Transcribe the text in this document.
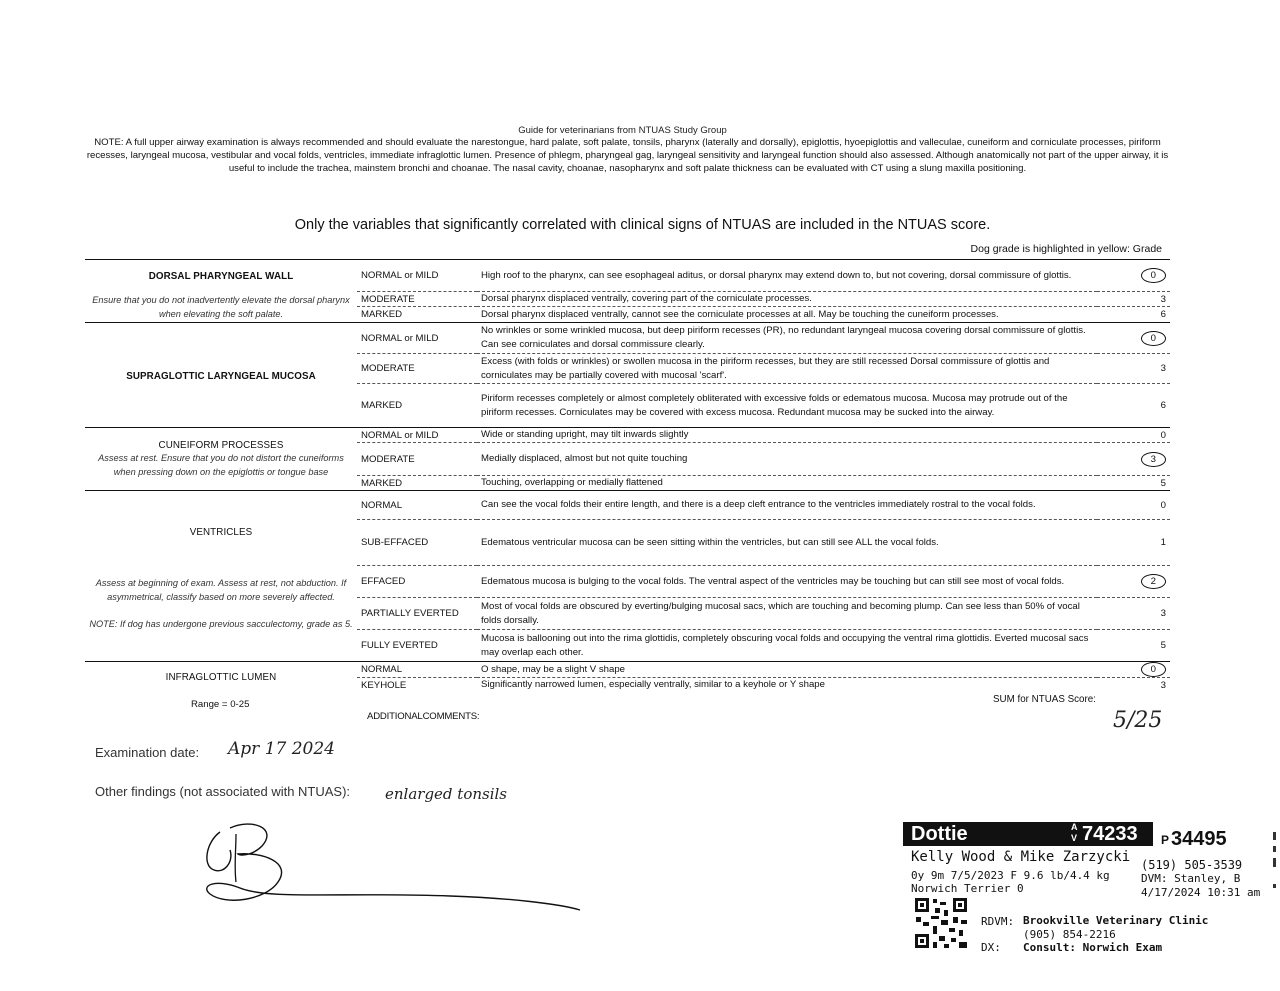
Guide for veterinarians from NTUAS Study Group
NOTE: A full upper airway examination is always recommended and should evaluate the narestongue, hard palate, soft palate, tonsils, pharynx (laterally and dorsally), epiglottis, hyoepiglottis and valleculae, cuneiform and corniculate processes, piriform recesses, laryngeal mucosa, vestibular and vocal folds, ventricles, immediate infraglottic lumen. Presence of phlegm, pharyngeal gag, laryngeal sensitivity and laryngeal function should also assessed. Although anatomically not part of the upper airway, it is useful to include the trachea, mainstem bronchi and choanae. The nasal cavity, choanae, nasopharynx and soft palate thickness can be evaluated with CT using a slung maxilla positioning.
Only the variables that significantly correlated with clinical signs of NTUAS are included in the NTUAS score.
Dog grade is highlighted in yellow: Grade
DORSAL PHARYNGEAL WALL
Ensure that you do not inadvertently elevate the dorsal pharynx when elevating the soft palate.	NORMAL or MILD	High roof to the pharynx, can see esophageal aditus, or dorsal pharynx may extend down to, but not covering, dorsal commissure of glottis.	0
	MODERATE	Dorsal pharynx displaced ventrally, covering part of the corniculate processes.	3
	MARKED	Dorsal pharynx displaced ventrally, cannot see the corniculate processes at all. May be touching the cuneiform processes.	6

SUPRAGLOTTIC LARYNGEAL MUCOSA	NORMAL or MILD	No wrinkles or some wrinkled mucosa, but deep piriform recesses (PR), no redundant laryngeal mucosa covering dorsal commissure of glottis. Can see corniculates and dorsal commissure clearly.	0
	MODERATE	Excess (with folds or wrinkles) or swollen mucosa in the piriform recesses, but they are still recessed Dorsal commissure of glottis and corniculates may be partially covered with mucosal 'scarf'.	3
	MARKED	Piriform recesses completely or almost completely obliterated with excessive folds or edematous mucosa. Mucosa may protrude out of the piriform recesses. Corniculates may be covered with excess mucosa. Redundant mucosa may be sucked into the airway.	6

CUNEIFORM PROCESSES
Assess at rest. Ensure that you do not distort the cuneiforms when pressing down on the epiglottis or tongue base	NORMAL or MILD	Wide or standing upright, may tilt inwards slightly	0
	MODERATE	Medially displaced, almost but not quite touching	3
	MARKED	Touching, overlapping or medially flattened	5

VENTRICLES
Assess at beginning of exam. Assess at rest, not abduction. If asymmetrical, classify based on more severely affected.
NOTE: If dog has undergone previous sacculectomy, grade as 5.	NORMAL	Can see the vocal folds their entire length, and there is a deep cleft entrance to the ventricles immediately rostral to the vocal folds.	0
	SUB-EFFACED	Edematous ventricular mucosa can be seen sitting within the ventricles, but can still see ALL the vocal folds.	1
	EFFACED	Edematous mucosa is bulging to the vocal folds. The ventral aspect of the ventricles may be touching but can still see most of vocal folds.	2
	PARTIALLY EVERTED	Most of vocal folds are obscured by everting/bulging mucosal sacs, which are touching and becoming plump. Can see less than 50% of vocal folds dorsally.	3
	FULLY EVERTED	Mucosa is ballooning out into the rima glottidis, completely obscuring vocal folds and occupying the ventral rima glottidis. Everted mucosal sacs may overlap each other.	5

INFRAGLOTTIC LUMEN	NORMAL	O shape, may be a slight V shape	0
	KEYHOLE	Significantly narrowed lumen, especially ventrally, similar to a keyhole or Y shape	3
Range = 0-25
ADDITIONALCOMMENTS:
SUM for NTUAS Score:
5/25
Examination date: Apr 17 2024
Other findings (not associated with NTUAS): enlarged tonsils
Dottie	A
V 74233 P 34495
Kelly Wood & Mike Zarzycki (519) 505-3539
0y 9m 7/5/2023 F 9.6 lb/4.4 kg	DVM: Stanley, B
Norwich Terrier 0	4/17/2024 10:31 am
RDVM: Brookville Veterinary Clinic
(905) 854-2216
DX: Consult: Norwich Exam
